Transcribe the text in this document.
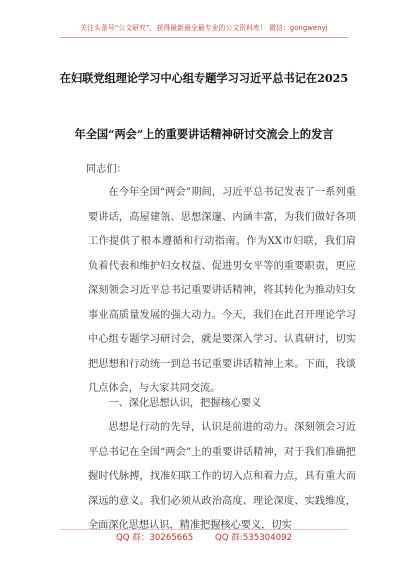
关注头条号“公文研究”，获得最新最全最专业的公文资料库！ 微信：gongwenyj
在妇联党组理论学习中心组专题学习习近平总书记在2025
年全国“两会”上的重要讲话精神研讨交流会上的发言
同志们：

在今年全国“两会”期间，习近平总书记发表了一系列重要讲话，高屋建瓴、思想深邃、内涵丰富，为我们做好各项工作提供了根本遵循和行动指南。作为XX市妇联，我们肩负着代表和维护妇女权益、促进男女平等的重要职责，更应深刻领会习近平总书记重要讲话精神，将其转化为推动妇女事业高质量发展的强大动力。今天，我们在此召开理论学习中心组专题学习研讨会，就是要深入学习、认真研讨，切实把思想和行动统一到总书记重要讲话精神上来。下面，我谈几点体会，与大家共同交流。

一、深化思想认识，把握核心要义

思想是行动的先导，认识是前进的动力。深刻领会习近平总书记在全国“两会”上的重要讲话精神，对于我们准确把握时代脉搏，找准妇联工作的切入点和着力点，具有重大而深远的意义。我们必须从政治高度、理论深度、实践维度，全面深化思想认识，精准把握核心要义，切实

QQ 群：30265665        QQ 群:535304092
